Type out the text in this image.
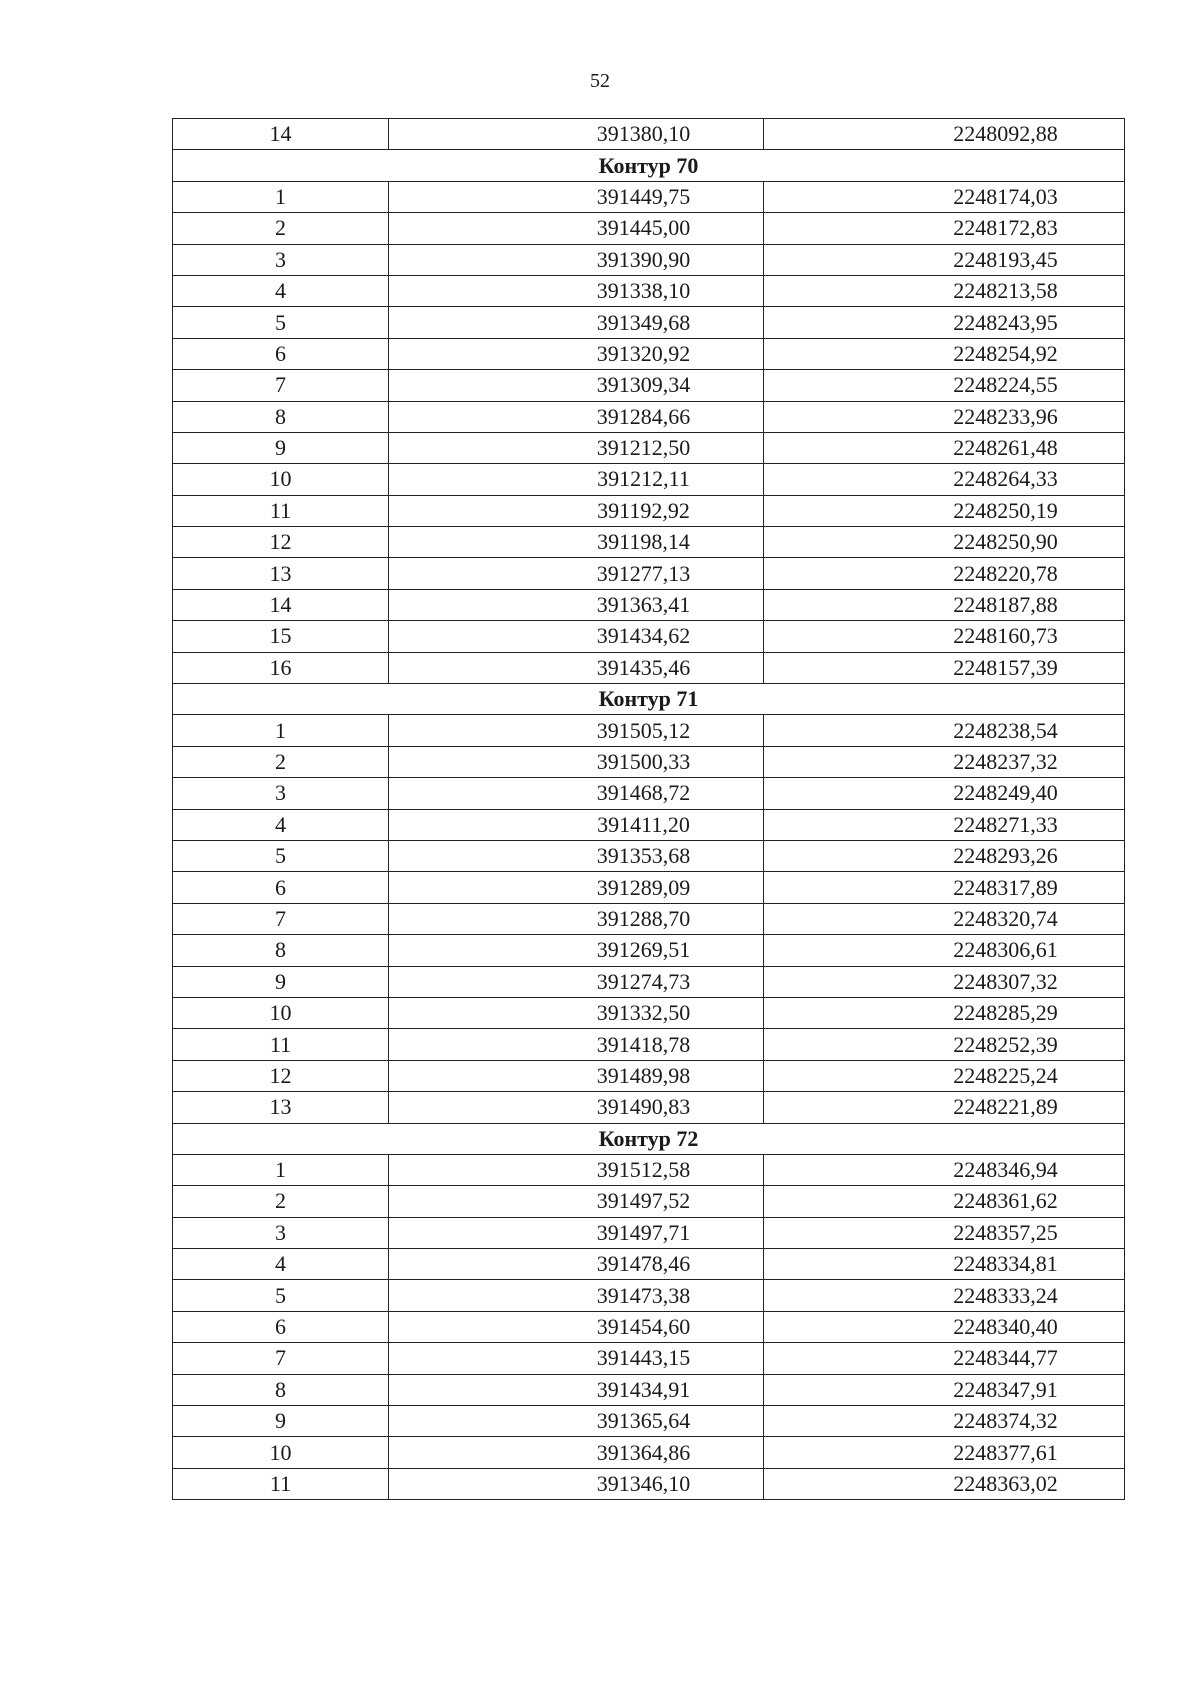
52
14	391380,10	2248092,88
Контур 70		
1	391449,75	2248174,03
2	391445,00	2248172,83
3	391390,90	2248193,45
4	391338,10	2248213,58
5	391349,68	2248243,95
6	391320,92	2248254,92
7	391309,34	2248224,55
8	391284,66	2248233,96
9	391212,50	2248261,48
10	391212,11	2248264,33
11	391192,92	2248250,19
12	391198,14	2248250,90
13	391277,13	2248220,78
14	391363,41	2248187,88
15	391434,62	2248160,73
16	391435,46	2248157,39
Контур 71		
1	391505,12	2248238,54
2	391500,33	2248237,32
3	391468,72	2248249,40
4	391411,20	2248271,33
5	391353,68	2248293,26
6	391289,09	2248317,89
7	391288,70	2248320,74
8	391269,51	2248306,61
9	391274,73	2248307,32
10	391332,50	2248285,29
11	391418,78	2248252,39
12	391489,98	2248225,24
13	391490,83	2248221,89
Контур 72		
1	391512,58	2248346,94
2	391497,52	2248361,62
3	391497,71	2248357,25
4	391478,46	2248334,81
5	391473,38	2248333,24
6	391454,60	2248340,40
7	391443,15	2248344,77
8	391434,91	2248347,91
9	391365,64	2248374,32
10	391364,86	2248377,61
11	391346,10	2248363,02
